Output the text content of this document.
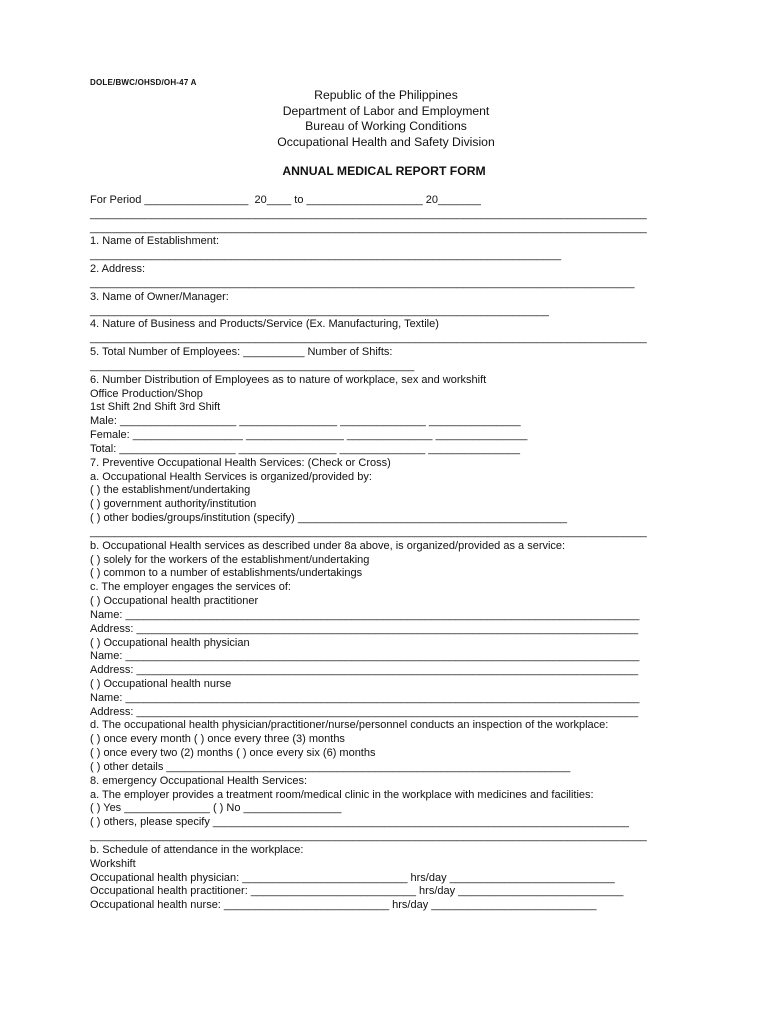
DOLE/BWC/OHSD/OH-47 A
Republic of the Philippines
Department of Labor and Employment
Bureau of Working Conditions
Occupational Health and Safety Division
ANNUAL MEDICAL REPORT FORM
For Period _________________  20____ to ___________________ 20_______
___________________________________________________________________________________________
___________________________________________________________________________________________
1. Name of Establishment:
_____________________________________________________________________________
2. Address:
_________________________________________________________________________________________
3. Name of Owner/Manager:
___________________________________________________________________________
4. Nature of Business and Products/Service (Ex. Manufacturing, Textile)
___________________________________________________________________________________________
5. Total Number of Employees: __________ Number of Shifts:
_____________________________________________________
6. Number Distribution of Employees as to nature of workplace, sex and workshift
Office Production/Shop
1st Shift 2nd Shift 3rd Shift
Male: ___________________ ________________ ______________ _______________
Female: __________________ ________________ ______________ _______________
Total: ___________________ ________________ ______________ _______________
7. Preventive Occupational Health Services: (Check or Cross)
a. Occupational Health Services is organized/provided by:
( ) the establishment/undertaking
( ) government authority/institution
( ) other bodies/groups/institution (specify) ____________________________________________
___________________________________________________________________________________________
b. Occupational Health services as described under 8a above, is organized/provided as a service:
( ) solely for the workers of the establishment/undertaking
( ) common to a number of establishments/undertakings
c. The employer engages the services of:
( ) Occupational health practitioner
Name: ____________________________________________________________________________________
Address: __________________________________________________________________________________
( ) Occupational health physician
Name: ____________________________________________________________________________________
Address: __________________________________________________________________________________
( ) Occupational health nurse
Name: ____________________________________________________________________________________
Address: __________________________________________________________________________________
d. The occupational health physician/practitioner/nurse/personnel conducts an inspection of the workplace:
( ) once every month ( ) once every three (3) months
( ) once every two (2) months ( ) once every six (6) months
( ) other details __________________________________________________________________
8. emergency Occupational Health Services:
a. The employer provides a treatment room/medical clinic in the workplace with medicines and facilities:
( ) Yes ______________ ( ) No ________________
( ) others, please specify ____________________________________________________________________
___________________________________________________________________________________________
b. Schedule of attendance in the workplace:
Workshift
Occupational health physician: ___________________________ hrs/day ___________________________
Occupational health practitioner: ___________________________ hrs/day ___________________________
Occupational health nurse: ___________________________ hrs/day ___________________________
